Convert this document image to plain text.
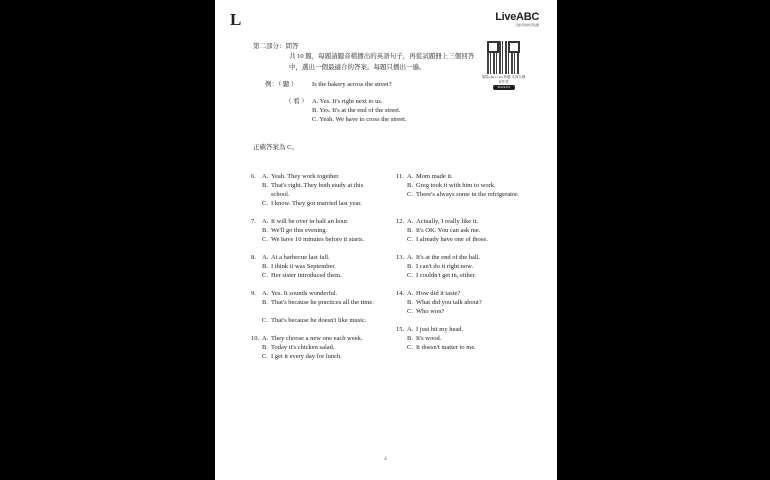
L	LiveABC
互動英語教學集團
第二部分：問答
共 10 題，每題請聽音檔播出的英語句子，再從試題冊上三個回答中，選出一個最適合的答案。每題只播出一遍。
掃描 QR Code 聆聽 本部分錄音作答
Track 03
例：（ 聽 ） Is the bakery across the street?
（ 看 ） A. Yes. It's right next to us.
B. Yes. It's at the end of the street.
C. Yeah. We have to cross the street.
正確答案為 C。
6. A. Yeah. They work together.
B. That's right. They both study at this school.
C. I know. They got married last year.
7. A. It will be over in half an hour.
B. We'll go this evening.
C. We have 10 minutes before it starts.
8. A. At a barbecue last fall.
B. I think it was September.
C. Her sister introduced them.
9. A. Yes. It sounds wonderful.
B. That's because he practices all the time.
C. That's because he doesn't like music.
10. A. They choose a new one each week.
B. Today it's chicken salad.
C. I get it every day for lunch.
11. A. Mom made it.
B. Greg took it with him to work.
C. There's always some in the refrigerator.
12. A. Actually, I really like it.
B. It's OK. You can ask me.
C. I already have one of those.
13. A. It's at the end of the hall.
B. I can't do it right now.
C. I couldn't get in, either.
14. A. How did it taste?
B. What did you talk about?
C. Who won?
15. A. I just hit my head.
B. It's wood.
C. It doesn't matter to me.
4
